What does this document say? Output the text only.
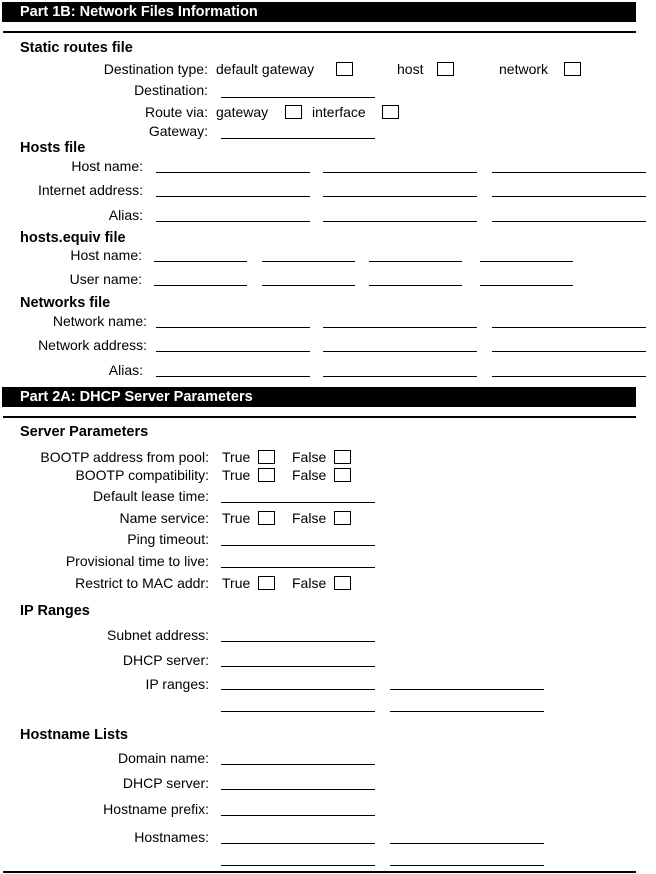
Part 1B: Network Files Information
Static routes file
Destination type: default gateway	host	network
Destination:
Route via: gateway	interface
Gateway:
Hosts file
Host name:
Internet address:
Alias:
hosts.equiv file
Host name:
User name:
Networks file
Network name:
Network address:
Alias:
Part 2A: DHCP Server Parameters
Server Parameters
BOOTP address from pool: True	False
BOOTP compatibility: True	False
Default lease time:
Name service: True	False
Ping timeout:
Provisional time to live:
Restrict to MAC addr: True	False
IP Ranges
Subnet address:
DHCP server:
IP ranges:
Hostname Lists
Domain name:
DHCP server:
Hostname prefix:
Hostnames:
